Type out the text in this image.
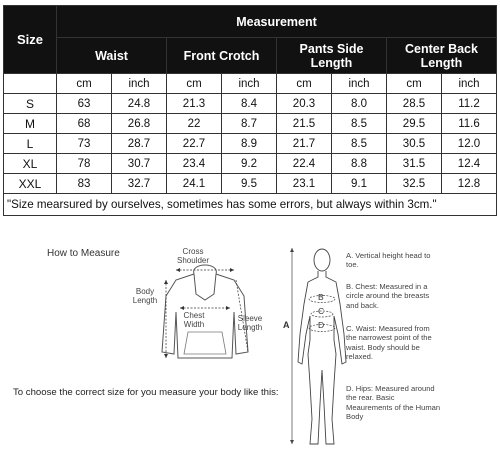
Size	Measurement							
	Waist		Front Crotch		Pants Side Length		Center Back Length	
	cm	inch	cm	inch	cm	inch	cm	inch
S	63	24.8	21.3	8.4	20.3	8.0	28.5	11.2
M	68	26.8	22	8.7	21.5	8.5	29.5	11.6
L	73	28.7	22.7	8.9	21.7	8.5	30.5	12.0
XL	78	30.7	23.4	9.2	22.4	8.8	31.5	12.4
XXL	83	32.7	24.1	9.5	23.1	9.1	32.5	12.8
"Size mearsured by ourselves, sometimes has some errors, but always within 3cm."								
How to Measure	Cross Shoulder
Body Length
Chest Width
Sleeve Length
To choose the correct size for you measure your body like this:
A
B
C
D
A. Vertical height head to toe.
B. Chest: Measured in a circle around the breasts and back.
C. Waist: Measured from the narrowest point of the waist. Body should be relaxed.
D. Hips: Measured around the rear. Basic Meaurements of the Human Body
